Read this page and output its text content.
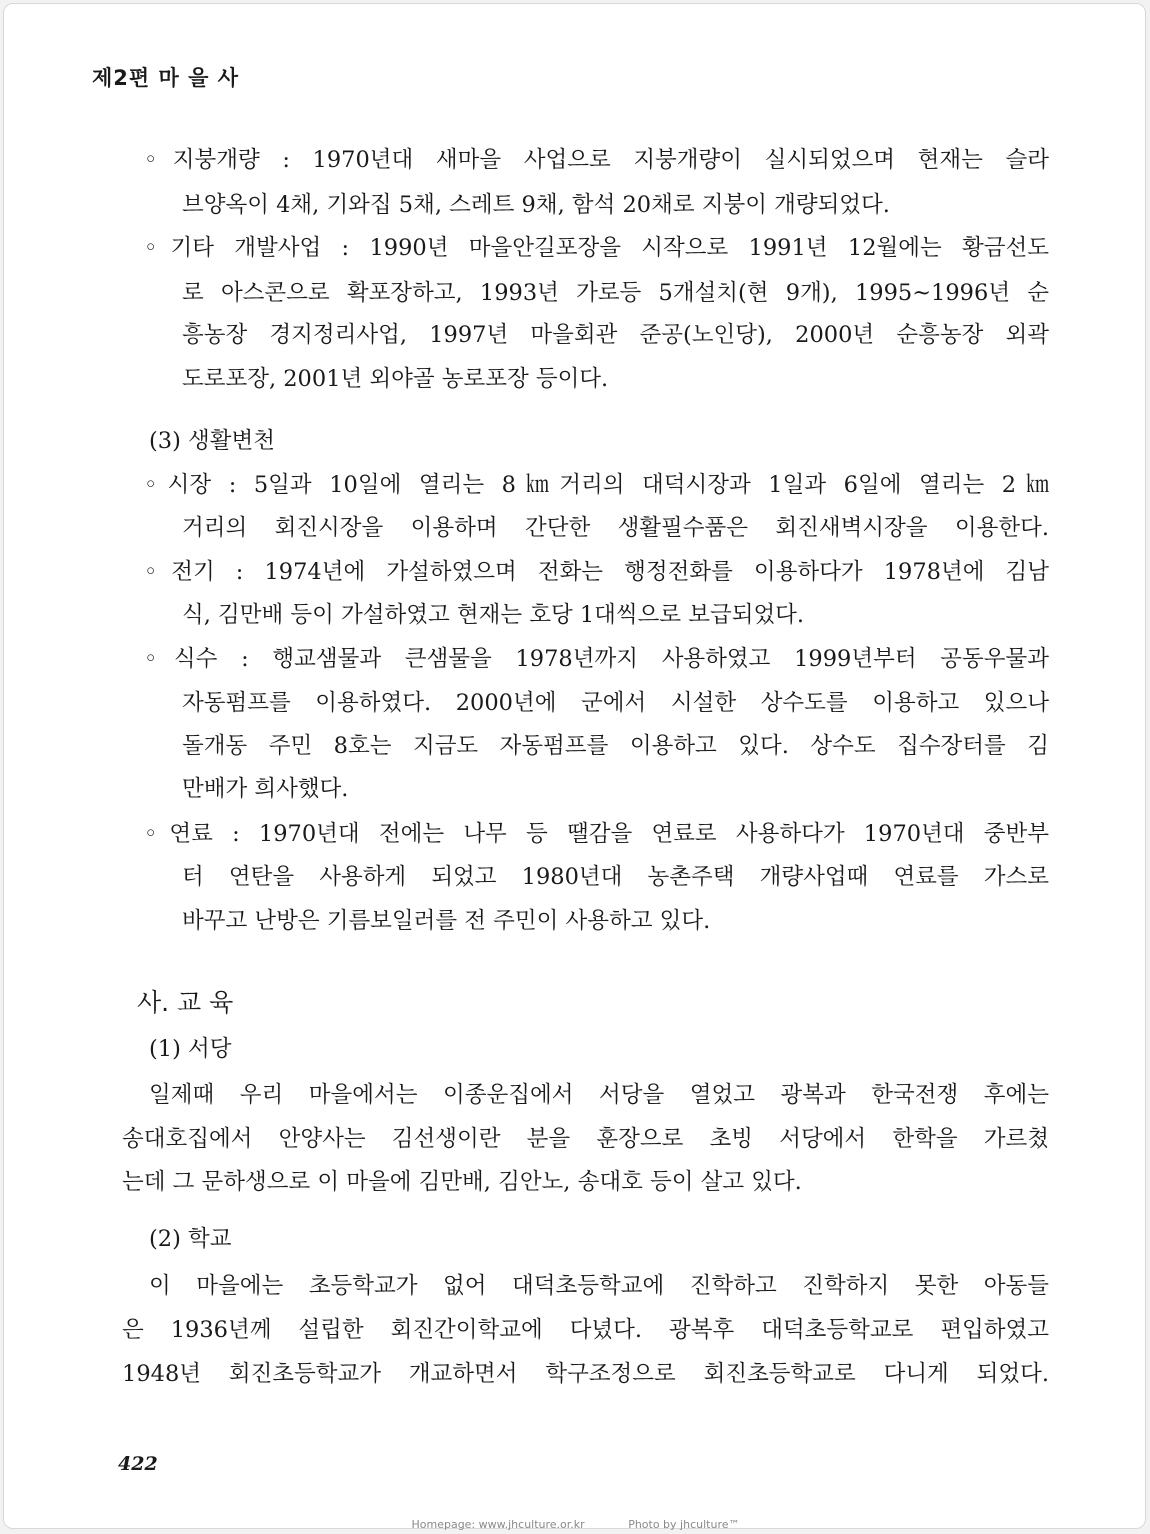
제2편 마 을 사
◦지붕개량 : 1970년대 새마을 사업으로 지붕개량이 실시되었으며 현재는 슬라
브양옥이 4채, 기와집 5채, 스레트 9채, 함석 20채로 지붕이 개량되었다.
◦기타 개발사업 : 1990년 마을안길포장을 시작으로 1991년 12월에는 황금선도
로 아스콘으로 확포장하고, 1993년 가로등 5개설치(현 9개), 1995~1996년 순
흥농장 경지정리사업, 1997년 마을회관 준공(노인당), 2000년 순흥농장 외곽
도로포장, 2001년 외야골 농로포장 등이다.
(3) 생활변천
◦시장 : 5일과 10일에 열리는 8㎞거리의 대덕시장과 1일과 6일에 열리는 2㎞
거리의 회진시장을 이용하며 간단한 생활필수품은 회진새벽시장을 이용한다.
◦전기 : 1974년에 가설하였으며 전화는 행정전화를 이용하다가 1978년에 김남
식, 김만배 등이 가설하였고 현재는 호당 1대씩으로 보급되었다.
◦식수 : 행교샘물과 큰샘물을 1978년까지 사용하였고 1999년부터 공동우물과
자동펌프를 이용하였다. 2000년에 군에서 시설한 상수도를 이용하고 있으나
돌개동 주민 8호는 지금도 자동펌프를 이용하고 있다. 상수도 집수장터를 김
만배가 희사했다.
◦연료 : 1970년대 전에는 나무 등 땔감을 연료로 사용하다가 1970년대 중반부
터 연탄을 사용하게 되었고 1980년대 농촌주택 개량사업때 연료를 가스로
바꾸고 난방은 기름보일러를 전 주민이 사용하고 있다.
사. 교 육
(1) 서당
일제때 우리 마을에서는 이종운집에서 서당을 열었고 광복과 한국전쟁 후에는
송대호집에서 안양사는 김선생이란 분을 훈장으로 초빙 서당에서 한학을 가르쳤
는데 그 문하생으로 이 마을에 김만배, 김안노, 송대호 등이 살고 있다.
(2) 학교
이 마을에는 초등학교가 없어 대덕초등학교에 진학하고 진학하지 못한 아동들
은 1936년께 설립한 회진간이학교에 다녔다. 광복후 대덕초등학교로 편입하였고
1948년 회진초등학교가 개교하면서 학구조정으로 회진초등학교로 다니게 되었다.
422
Homepage: www.jhculture.or.kr	Photo by jhculture™
